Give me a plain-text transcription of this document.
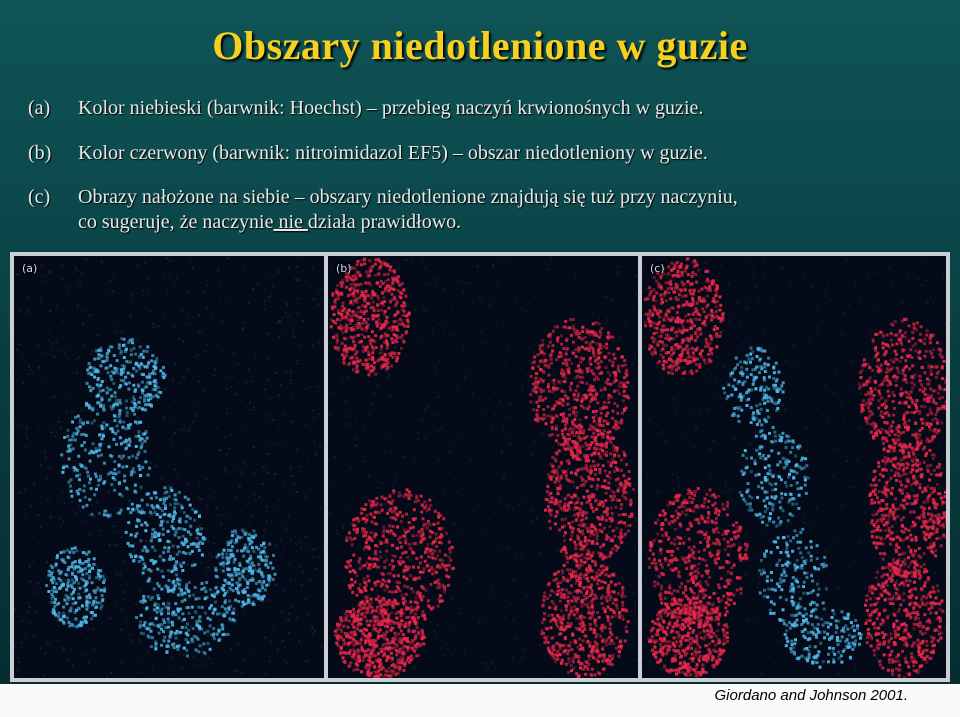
Obszary niedotlenione w guzie
(a) Kolor niebieski (barwnik: Hoechst) – przebieg naczyń krwionośnych w guzie.
(b) Kolor czerwony (barwnik: nitroimidazol EF5) – obszar niedotleniony w guzie.
(c) Obrazy nałożone na siebie – obszary niedotlenione znajdują się tuż przy naczyniu,
co sugeruje, że naczynie nie działa prawidłowo.
(a)	(b)	(c)
Giordano and Johnson 2001.
